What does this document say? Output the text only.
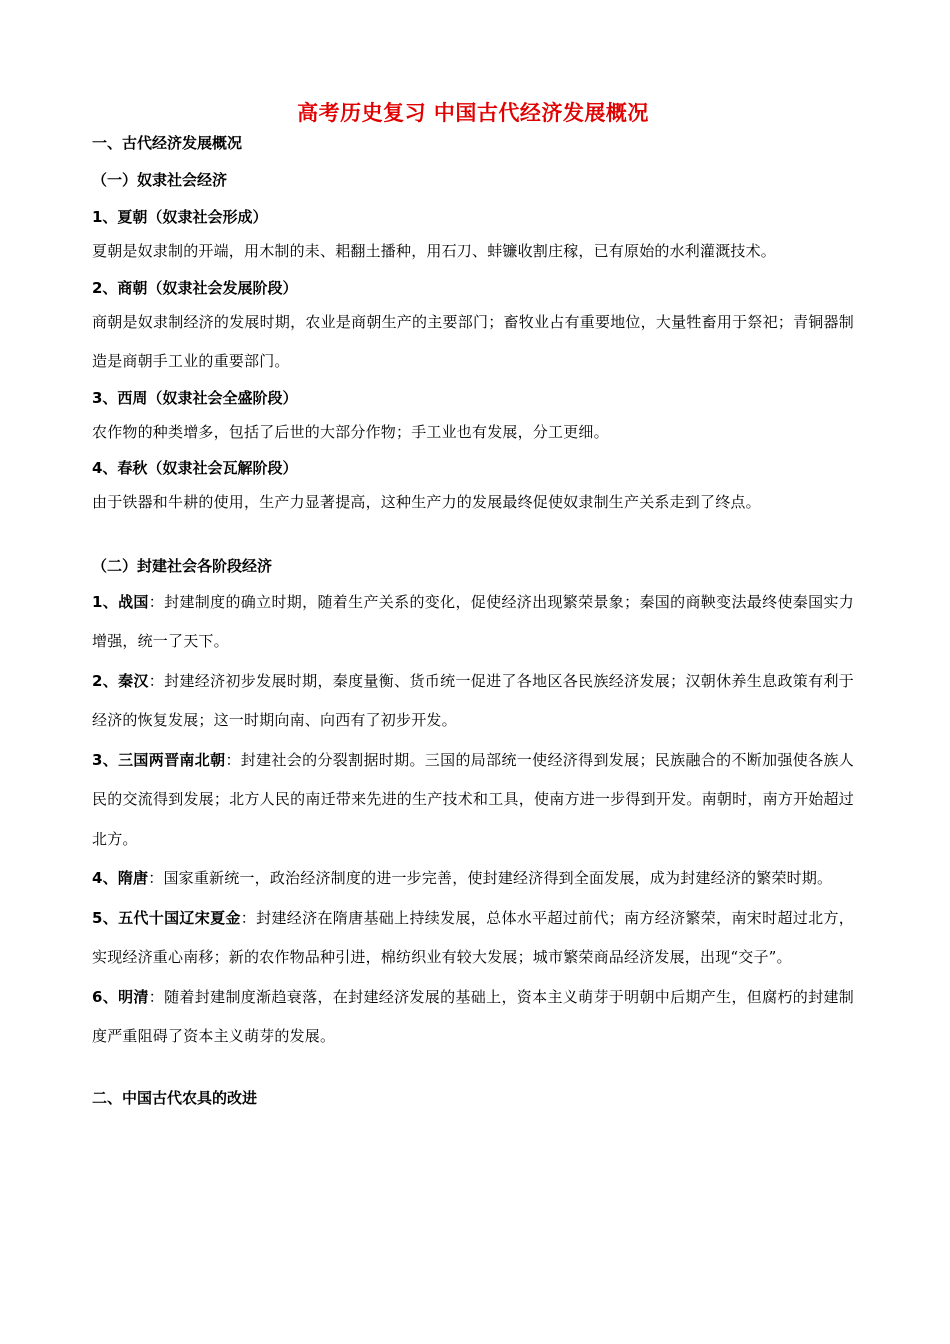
高考历史复习 中国古代经济发展概况

一、古代经济发展概况

（一）奴隶社会经济

1、夏朝（奴隶社会形成）

夏朝是奴隶制的开端，用木制的耒、耜翻土播种，用石刀、蚌镰收割庄稼，已有原始的水利灌溉技术。

2、商朝（奴隶社会发展阶段）

商朝是奴隶制经济的发展时期，农业是商朝生产的主要部门；畜牧业占有重要地位，大量牲畜用于祭祀；青铜器制造是商朝手工业的重要部门。

3、西周（奴隶社会全盛阶段）

农作物的种类增多，包括了后世的大部分作物；手工业也有发展，分工更细。

4、春秋（奴隶社会瓦解阶段）

由于铁器和牛耕的使用，生产力显著提高，这种生产力的发展最终促使奴隶制生产关系走到了终点。

（二）封建社会各阶段经济

1、战国：封建制度的确立时期，随着生产关系的变化，促使经济出现繁荣景象；秦国的商鞅变法最终使秦国实力增强，统一了天下。

2、秦汉：封建经济初步发展时期，秦度量衡、货币统一促进了各地区各民族经济发展；汉朝休养生息政策有利于经济的恢复发展；这一时期向南、向西有了初步开发。

3、三国两晋南北朝：封建社会的分裂割据时期。三国的局部统一使经济得到发展；民族融合的不断加强使各族人民的交流得到发展；北方人民的南迁带来先进的生产技术和工具，使南方进一步得到开发。南朝时，南方开始超过北方。

4、隋唐：国家重新统一，政治经济制度的进一步完善，使封建经济得到全面发展，成为封建经济的繁荣时期。

5、五代十国辽宋夏金：封建经济在隋唐基础上持续发展，总体水平超过前代；南方经济繁荣，南宋时超过北方，实现经济重心南移；新的农作物品种引进，棉纺织业有较大发展；城市繁荣商品经济发展，出现“交子”。

6、明清：随着封建制度渐趋衰落，在封建经济发展的基础上，资本主义萌芽于明朝中后期产生，但腐朽的封建制度严重阻碍了资本主义萌芽的发展。

二、中国古代农具的改进
